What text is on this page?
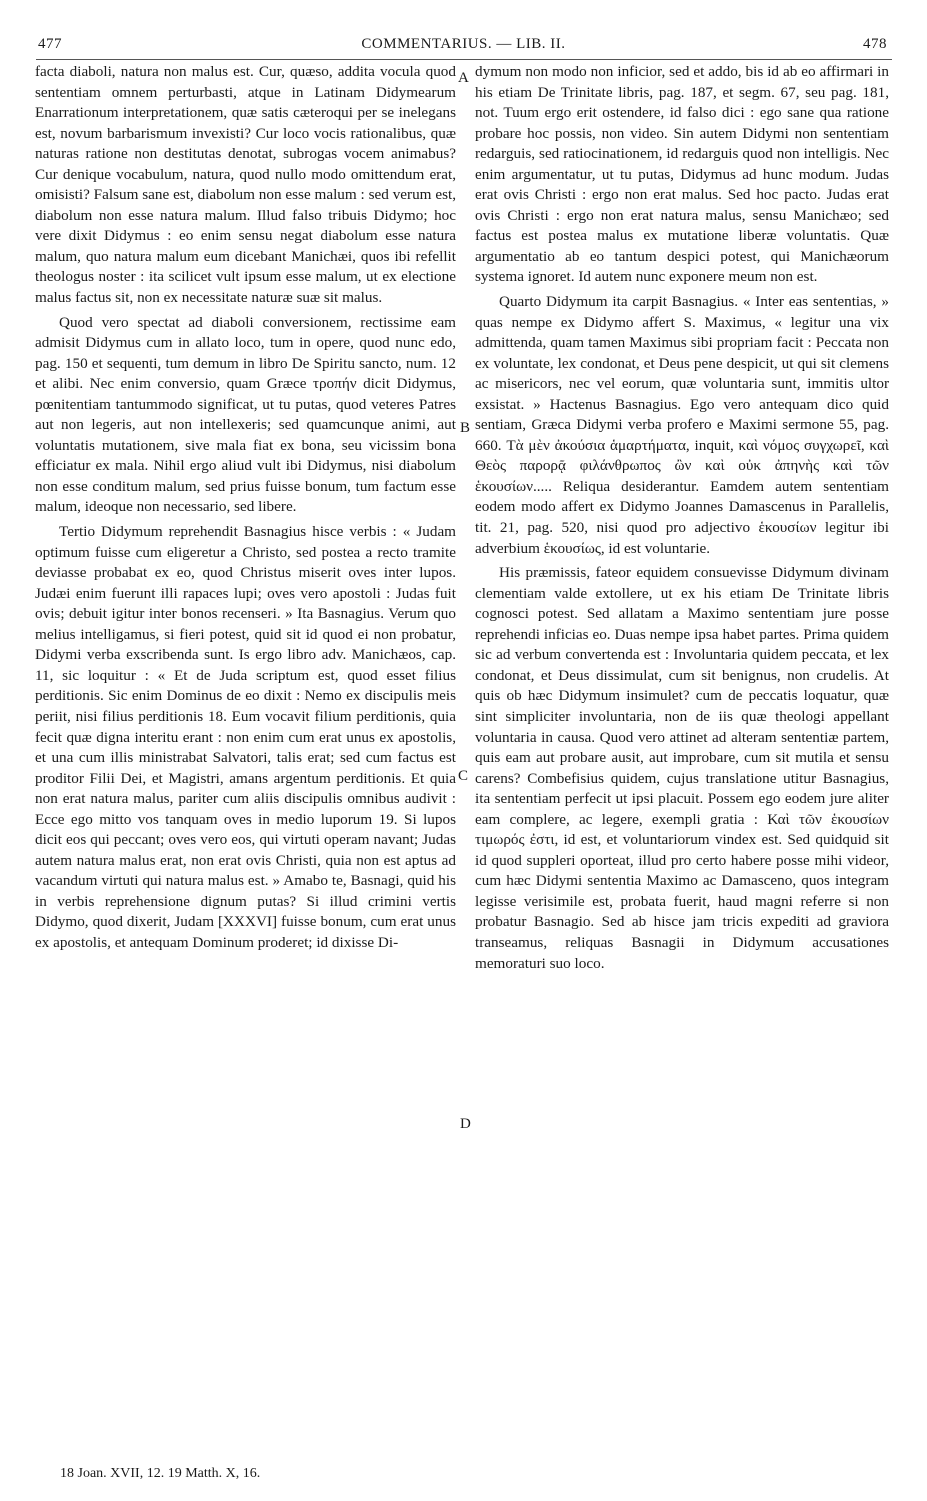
477	COMMENTARIUS. — LIB. II.	478

facta diaboli, natura non malus est. Cur, quæso, addita vocula quod sententiam omnem perturbasti, atque in Latinam Didymearum Enarrationum interpretationem, quæ satis cæteroqui per se inelegans est, novum barbarismum invexisti? Cur loco vocis rationalibus, quæ naturas ratione non destitutas denotat, subrogas vocem animabus? Cur denique vocabulum, natura, quod nullo modo omittendum erat, omisisti? Falsum sane est, diabolum non esse malum : sed verum est, diabolum non esse natura malum. Illud falso tribuis Didymo; hoc vere dixit Didymus : eo enim sensu negat diabolum esse natura malum, quo natura malum eum dicebant Manichæi, quos ibi refellit theologus noster : ita scilicet vult ipsum esse malum, ut ex electione malus factus sit, non ex necessitate naturæ suæ sit malus.

Quod vero spectat ad diaboli conversionem, rectissime eam admisit Didymus cum in allato loco, tum in opere, quod nunc edo, pag. 150 et sequenti, tum demum in libro De Spiritu sancto, num. 12 et alibi. Nec enim conversio, quam Græce τροπήν dicit Didymus, pœnitentiam tantummodo significat, ut tu putas, quod veteres Patres aut non legeris, aut non intellexeris; sed quamcunque animi, aut voluntatis mutationem, sive mala fiat ex bona, seu vicissim bona efficiatur ex mala. Nihil ergo aliud vult ibi Didymus, nisi diabolum non esse conditum malum, sed prius fuisse bonum, tum factum esse malum, ideoque non necessario, sed libere.

Tertio Didymum reprehendit Basnagius hisce verbis : « Judam optimum fuisse cum eligeretur a Christo, sed postea a recto tramite deviasse probabat ex eo, quod Christus miserit oves inter lupos. Judæi enim fuerunt illi rapaces lupi; oves vero apostoli : Judas fuit ovis; debuit igitur inter bonos recenseri. » Ita Basnagius. Verum quo melius intelligamus, si fieri potest, quid sit id quod ei non probatur, Didymi verba exscribenda sunt. Is ergo libro adv. Manichæos, cap. 11, sic loquitur : « Et de Juda scriptum est, quod esset filius perditionis. Sic enim Dominus de eo dixit : Nemo ex discipulis meis periit, nisi filius perditionis 18. Eum vocavit filium perditionis, quia fecit quæ digna interitu erant : non enim cum erat unus ex apostolis, et una cum illis ministrabat Salvatori, talis erat; sed cum factus est proditor Filii Dei, et Magistri, amans argentum perditionis. Et quia non erat natura malus, pariter cum aliis discipulis omnibus audivit : Ecce ego mitto vos tanquam oves in medio luporum 19. Si lupos dicit eos qui peccant; oves vero eos, qui virtuti operam navant; Judas autem natura malus erat, non erat ovis Christi, quia non est aptus ad vacandum virtuti qui natura malus est. » Amabo te, Basnagi, quid his in verbis reprehensione dignum putas? Si illud crimini vertis Didymo, quod dixerit, Judam [XXXVI] fuisse bonum, cum erat unus ex apostolis, et antequam Dominum proderet; id dixisse Di-

dymum non modo non inficior, sed et addo, bis id ab eo affirmari in his etiam De Trinitate libris, pag. 187, et segm. 67, seu pag. 181, not. Tuum ergo erit ostendere, id falso dici : ego sane qua ratione probare hoc possis, non video. Sin autem Didymi non sententiam redarguis, sed ratiocinationem, id redarguis quod non intelligis. Nec enim argumentatur, ut tu putas, Didymus ad hunc modum. Judas erat ovis Christi : ergo non erat malus. Sed hoc pacto. Judas erat ovis Christi : ergo non erat natura malus, sensu Manichæo; sed factus est postea malus ex mutatione liberæ voluntatis. Quæ argumentatio ab eo tantum despici potest, qui Manichæorum systema ignoret. Id autem nunc exponere meum non est.

Quarto Didymum ita carpit Basnagius. « Inter eas sententias, » quas nempe ex Didymo affert S. Maximus, « legitur una vix admittenda, quam tamen Maximus sibi propriam facit : Peccata non ex voluntate, lex condonat, et Deus pene despicit, ut qui sit clemens ac misericors, nec vel eorum, quæ voluntaria sunt, immitis ultor exsistat. » Hactenus Basnagius. Ego vero antequam dico quid sentiam, Græca Didymi verba profero e Maximi sermone 55, pag. 660. Τὰ μὲν ἀκούσια ἁμαρτήματα, inquit, καὶ νόμος συγχωρεῖ, καὶ Θεὸς παρορᾷ φιλάνθρωπος ὢν καὶ οὐκ ἀπηνὴς καὶ τῶν ἑκουσίων..... Reliqua desiderantur. Eamdem autem sententiam eodem modo affert ex Didymo Joannes Damascenus in Parallelis, tit. 21, pag. 520, nisi quod pro adjectivo ἑκουσίων legitur ibi adverbium ἑκουσίως, id est voluntarie.

His præmissis, fateor equidem consuevisse Didymum divinam clementiam valde extollere, ut ex his etiam De Trinitate libris cognosci potest. Sed allatam a Maximo sententiam jure posse reprehendi inficias eo. Duas nempe ipsa habet partes. Prima quidem sic ad verbum convertenda est : Involuntaria quidem peccata, et lex condonat, et Deus dissimulat, cum sit benignus, non crudelis. At quis ob hæc Didymum insimulet? cum de peccatis loquatur, quæ sint simpliciter involuntaria, non de iis quæ theologi appellant voluntaria in causa. Quod vero attinet ad alteram sententiæ partem, quis eam aut probare ausit, aut improbare, cum sit mutila et sensu carens? Combefisius quidem, cujus translatione utitur Basnagius, ita sententiam perfecit ut ipsi placuit. Possem ego eodem jure aliter eam complere, ac legere, exempli gratia : Καὶ τῶν ἑκουσίων τιμωρός ἐστι, id est, et voluntariorum vindex est. Sed quidquid sit id quod suppleri oporteat, illud pro certo habere posse mihi videor, cum hæc Didymi sententia Maximo ac Damasceno, quos integram legisse verisimile est, probata fuerit, haud magni referre si non probatur Basnagio. Sed ab hisce jam tricis expediti ad graviora transeamus, reliquas Basnagii in Didymum accusationes memoraturi suo loco.

A
B
C
D
18 Joan. XVII, 12. 19 Matth. X, 16.
